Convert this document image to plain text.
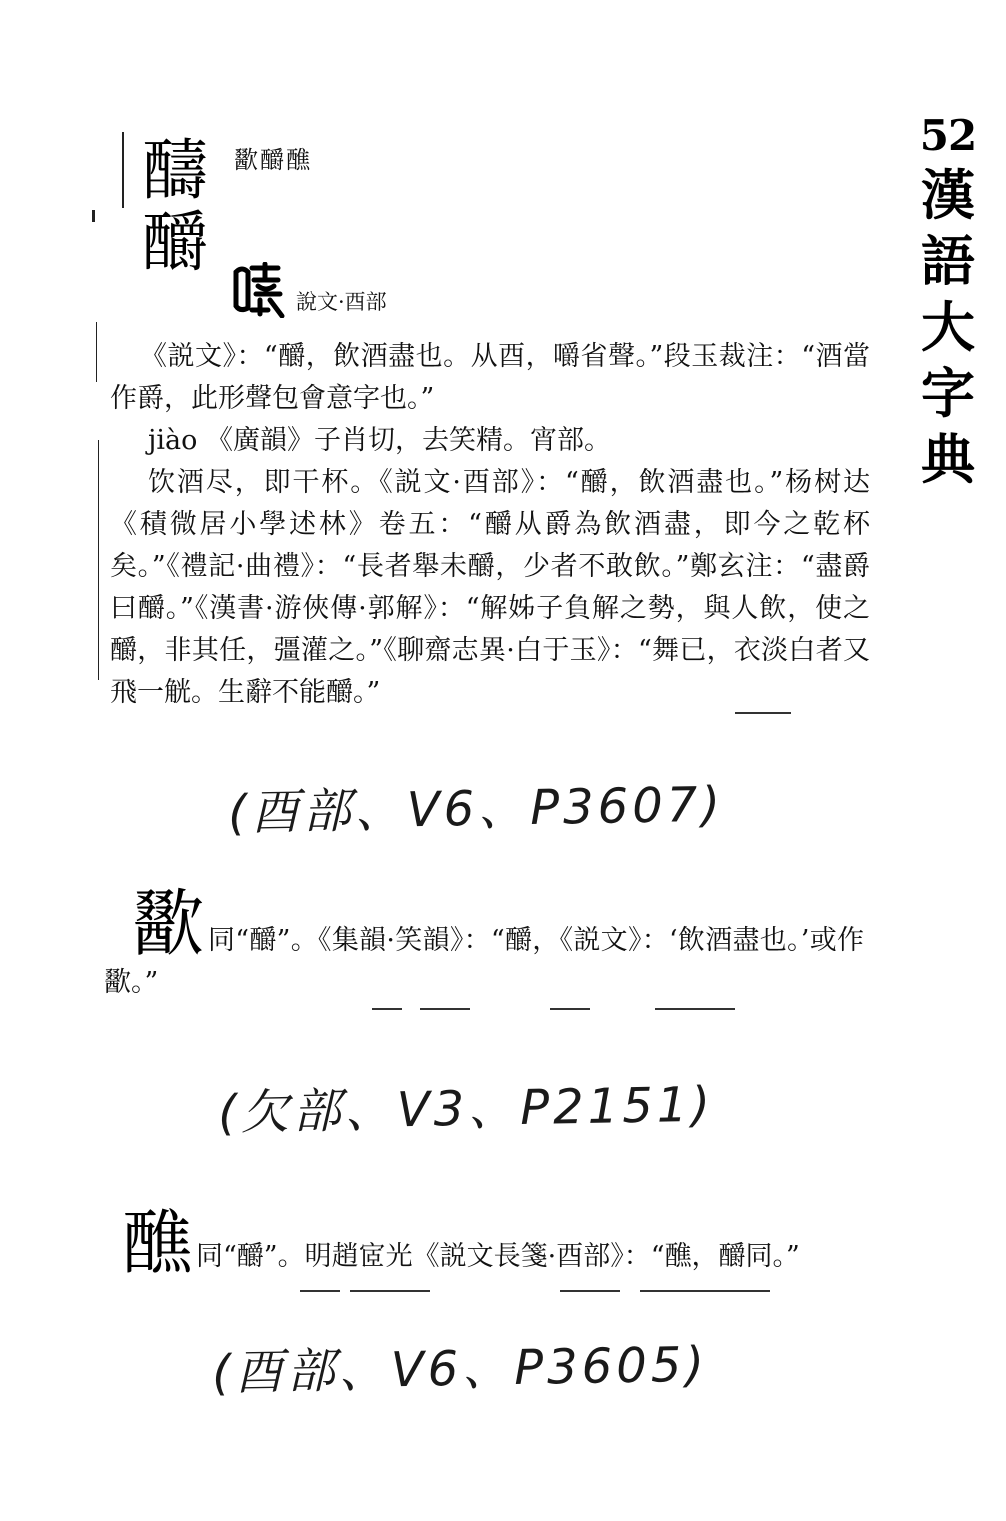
52
漢
語
大
字
典
醻
釂
歠釂醮
說文·酉部
《説文》：“釂，飲酒盡也。从酉，嚼省聲。”段玉裁注：“酒當作爵，此形聲包會意字也。”
jiào 《廣韻》子肖切，去笑精。宵部。
饮酒尽，即干杯。《説文·酉部》：“釂，飲酒盡也。”杨树达《積微居小學述林》卷五：“釂从爵為飲酒盡，即今之乾杯矣。”《禮記·曲禮》：“長者舉未釂，少者不敢飲。”鄭玄注：“盡爵曰釂。”《漢書·游俠傳·郭解》：“解姊子負解之勢，與人飲，使之釂，非其任，彊灌之。”《聊齋志異·白于玉》：“舞已，衣淡白者又飛一觥。生辭不能釂。”
(酉部、V6、P3607)
歠 同“釂”。《集韻·笑韻》：“釂，《説文》：‘飲酒盡也。’或作歠。”
(欠部、V3、P2151)
醮 同“釂”。明趙宧光《説文長箋·酉部》：“醮，釂同。”
(酉部、V6、P3605)
